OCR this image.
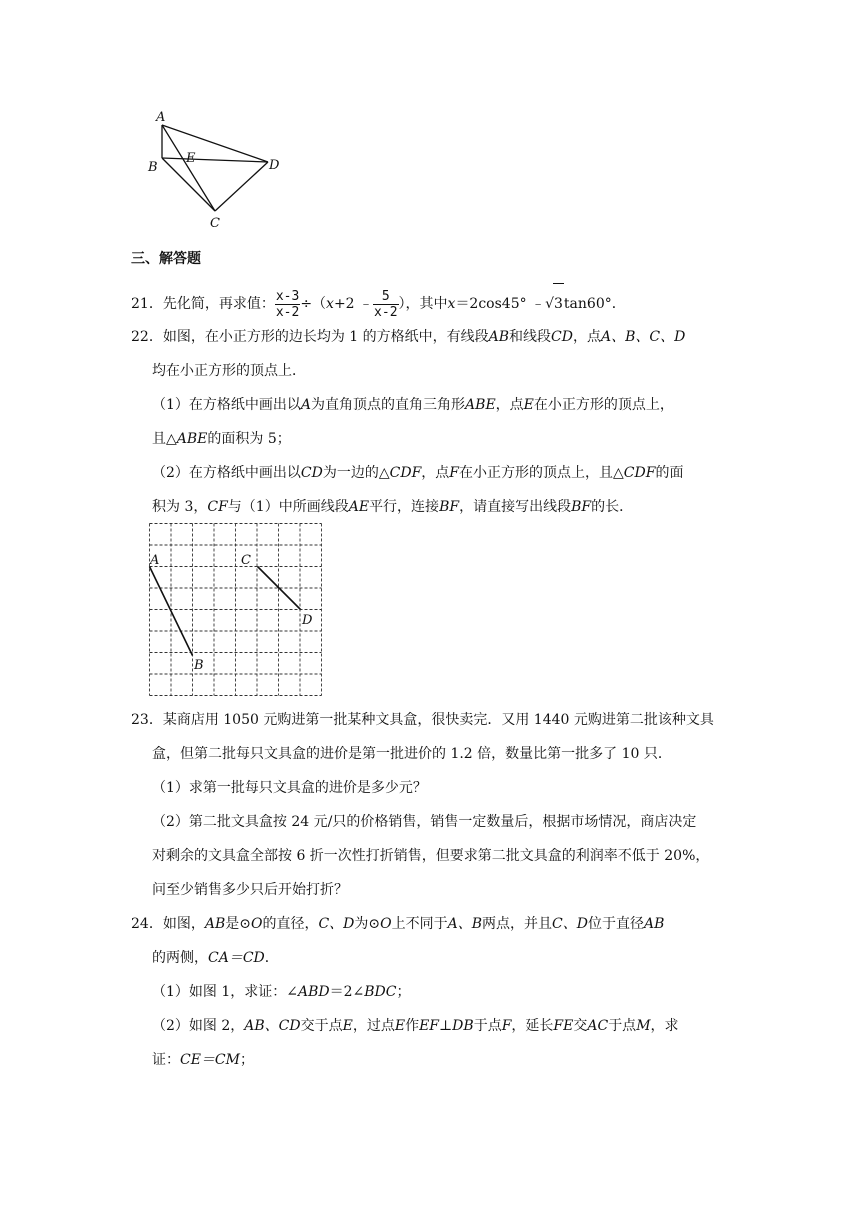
A
B
E	D
C
三、解答题
21．先化简，再求值： $\frac{x-3}{x-2} \div(x+2$ ﹣ $\frac{5}{x-2}$ ），其中x＝2cos45° ﹣√3tan60°．
22．如图，在小正方形的边长均为 1 的方格纸中，有线段AB和线段CD，点A、B、C、D
均在小正方形的顶点上．
（1）在方格纸中画出以A为直角顶点的直角三角形ABE，点E在小正方形的顶点上，
且△ABE的面积为 5；
（2）在方格纸中画出以CD为一边的△CDF，点F在小正方形的顶点上，且△CDF的面
积为 3，CF与（1）中所画线段AE平行，连接BF，请直接写出线段BF的长．
A
B
C
D
23．某商店用 1050 元购进第一批某种文具盒，很快卖完．又用 1440 元购进第二批该种文具
盒，但第二批每只文具盒的进价是第一批进价的 1.2 倍，数量比第一批多了 10 只．
（1）求第一批每只文具盒的进价是多少元？
（2）第二批文具盒按 24 元/只的价格销售，销售一定数量后，根据市场情况，商店决定
对剩余的文具盒全部按 6 折一次性打折销售，但要求第二批文具盒的利润率不低于 20%，
问至少销售多少只后开始打折？
24．如图，AB是⊙O的直径，C、D为⊙O上不同于A、B两点，并且C、D位于直径AB
的两侧，CA＝CD．
（1）如图 1，求证：∠ABD＝2∠BDC；
（2）如图 2，AB、CD交于点E，过点E作EF⊥DB于点F，延长FE交AC于点M，求
证：CE＝CM；
